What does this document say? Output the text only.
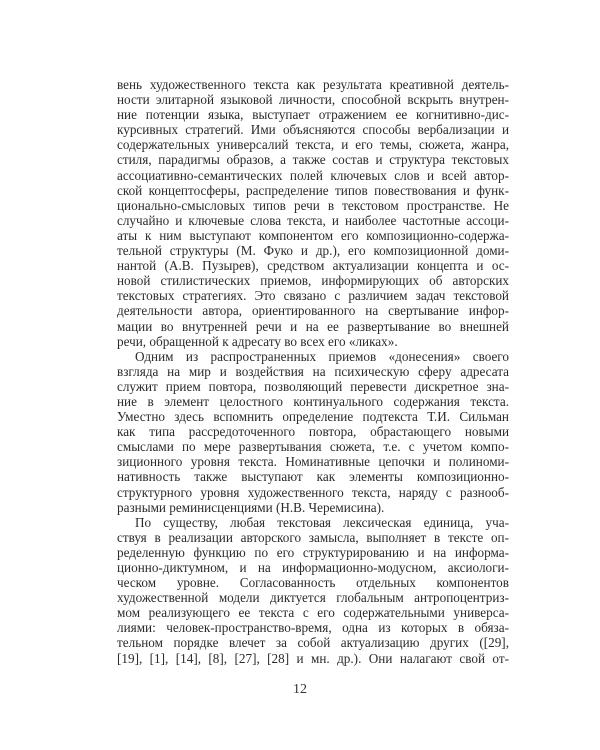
вень художественного текста как результата креативной деятель-
ности элитарной языковой личности, способной вскрыть внутрен-
ние потенции языка, выступает отражением ее когнитивно-дис-
курсивных стратегий. Ими объясняются способы вербализации и
содержательных универсалий текста, и его темы, сюжета, жанра,
стиля, парадигмы образов, а также состав и структура текстовых
ассоциативно-семантических полей ключевых слов и всей автор-
ской концептосферы, распределение типов повествования и функ-
ционально-смысловых типов речи в текстовом пространстве. Не
случайно и ключевые слова текста, и наиболее частотные ассоци-
аты к ним выступают компонентом его композиционно-содержа-
тельной структуры (М. Фуко и др.), его композиционной доми-
нантой (А.В. Пузырев), средством актуализации концепта и ос-
новой стилистических приемов, информирующих об авторских
текстовых стратегиях. Это связано с различием задач текстовой
деятельности автора, ориентированного на свертывание инфор-
мации во внутренней речи и на ее развертывание во внешней
речи, обращенной к адресату во всех его «ликах».
Одним из распространенных приемов «донесения» своего
взгляда на мир и воздействия на психическую сферу адресата
служит прием повтора, позволяющий перевести дискретное зна-
ние в элемент целостного континуального содержания текста.
Уместно здесь вспомнить определение подтекста Т.И. Сильман
как типа рассредоточенного повтора, обрастающего новыми
смыслами по мере развертывания сюжета, т.е. с учетом компо-
зиционного уровня текста. Номинативные цепочки и полиноми-
нативность также выступают как элементы композиционно-
структурного уровня художественного текста, наряду с разнооб-
разными реминисценциями (Н.В. Черемисина).
По существу, любая текстовая лексическая единица, уча-
ствуя в реализации авторского замысла, выполняет в тексте оп-
ределенную функцию по его структурированию и на информа-
ционно-диктумном, и на информационно-модусном, аксиологи-
ческом уровне. Согласованность отдельных компонентов
художественной модели диктуется глобальным антропоцентриз-
мом реализующего ее текста с его содержательными универса-
лиями: человек-пространство-время, одна из которых в обяза-
тельном порядке влечет за собой актуализацию других ([29],
[19], [1], [14], [8], [27], [28] и мн. др.). Они налагают свой от-
12
